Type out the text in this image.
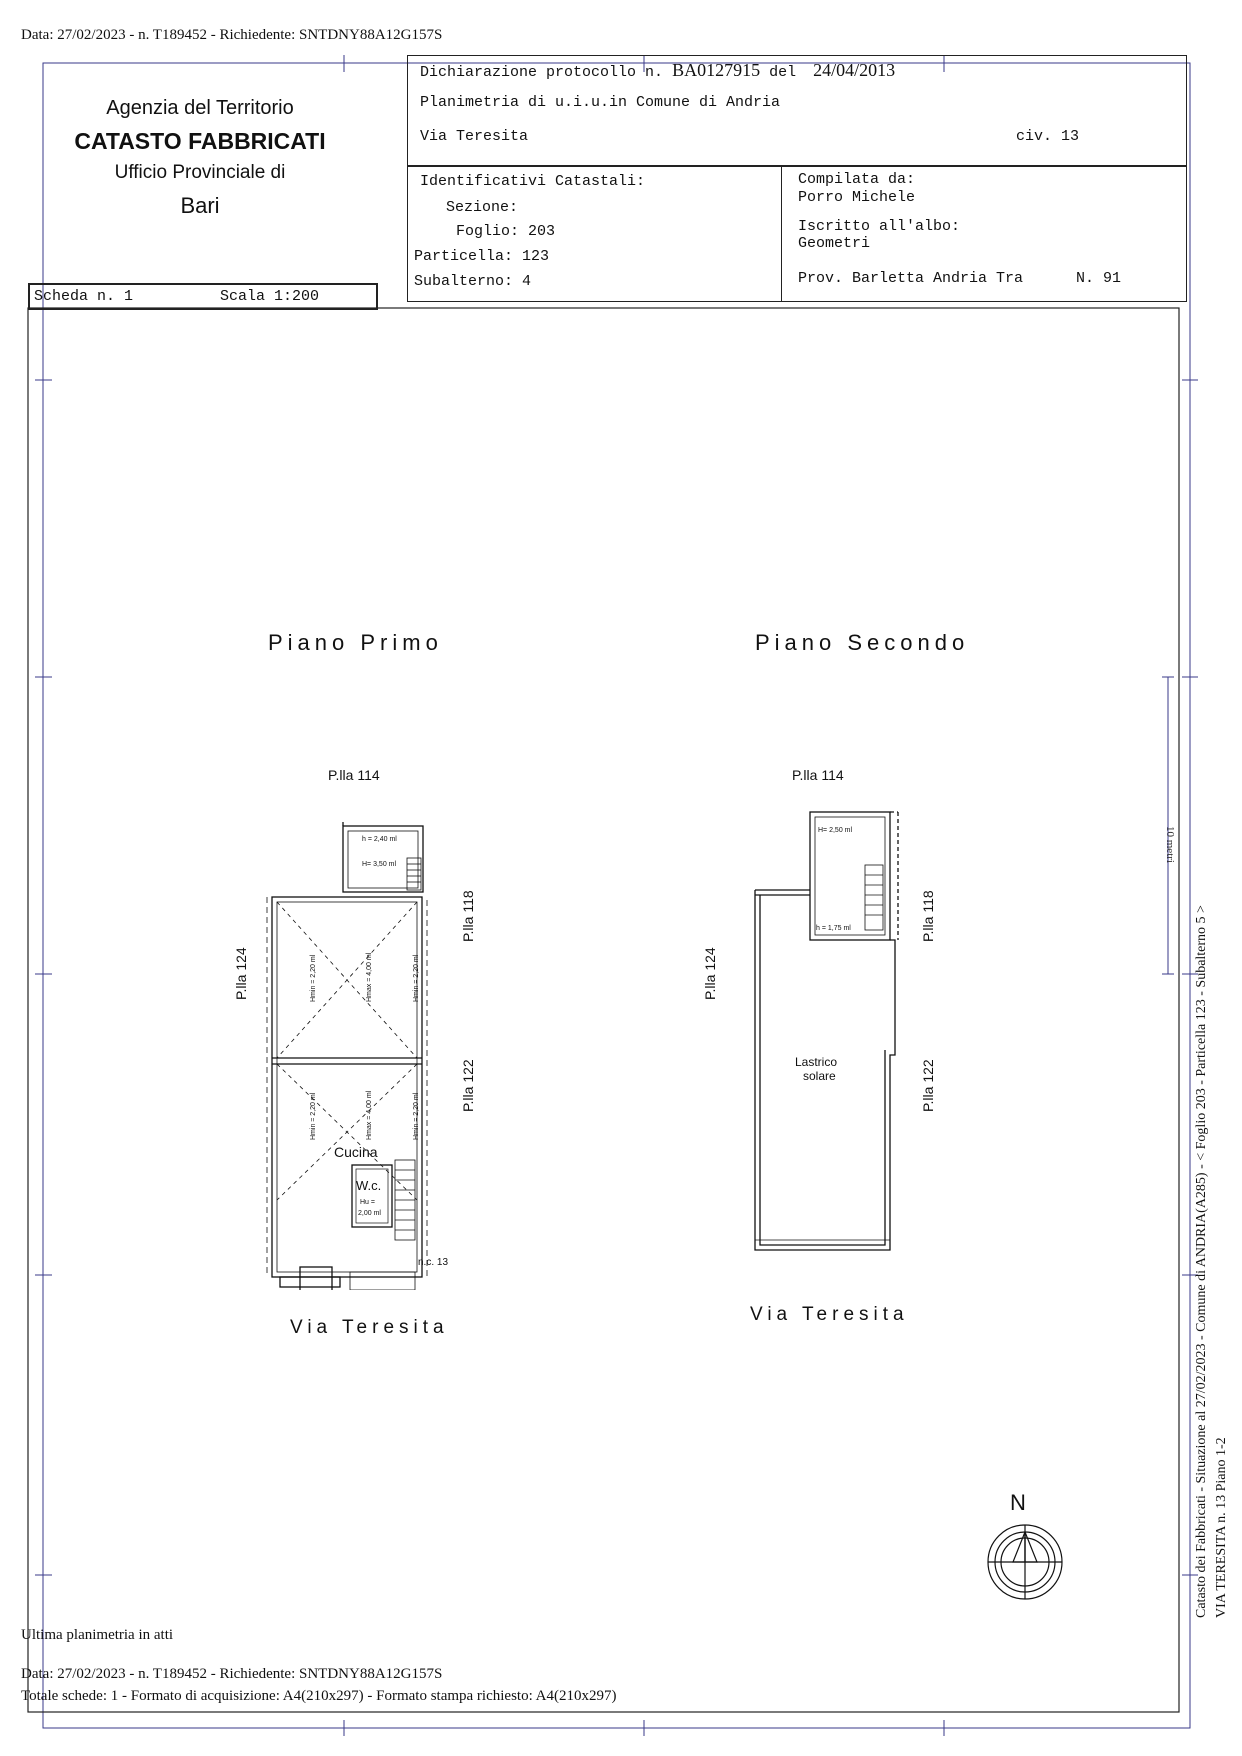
Data: 27/02/2023 - n. T189452 - Richiedente: SNTDNY88A12G157S
Agenzia del Territorio
CATASTO FABBRICATI
Ufficio Provinciale di
Bari
Dichiarazione protocollo n. BA0127915 del 24/04/2013
Planimetria di u.i.u.in Comune di Andria
Via Teresita	civ. 13
Identificativi Catastali:
Sezione:
Foglio: 203
Particella: 123
Subalterno: 4
Compilata da:
Porro Michele
Iscritto all'albo:
Geometri
Prov. Barletta Andria Tra	N. 91
Scheda n. 1	Scala 1:200
Piano Primo	Piano Secondo
P.lla 114
P.lla 124
P.lla 118
P.lla 122
h = 2,40 ml
H= 3,50 ml
Hmin = 2,20 ml	Hmax = 4,00 ml	Hmin = 2,20 ml
Hmin = 2,20 ml	Hmax = 4,00 ml	Hmin = 2,20 ml
Cucina
W.c.
Hu =
2,00 ml
n.c. 13
Via Teresita
P.lla 114
P.lla 124
P.lla 118
P.lla 122
H= 2,50 ml
h = 1,75 ml
Lastrico
solare
Via Teresita
N
10 metri
Catasto dei Fabbricati - Situazione al 27/02/2023 - Comune di ANDRIA(A285) - < Foglio 203 - Particella 123 - Subalterno 5 > VIA TERESITA n. 13 Piano 1-2
Ultima planimetria in atti
Data: 27/02/2023 - n. T189452 - Richiedente: SNTDNY88A12G157S
Totale schede: 1 - Formato di acquisizione: A4(210x297) - Formato stampa richiesto: A4(210x297)
